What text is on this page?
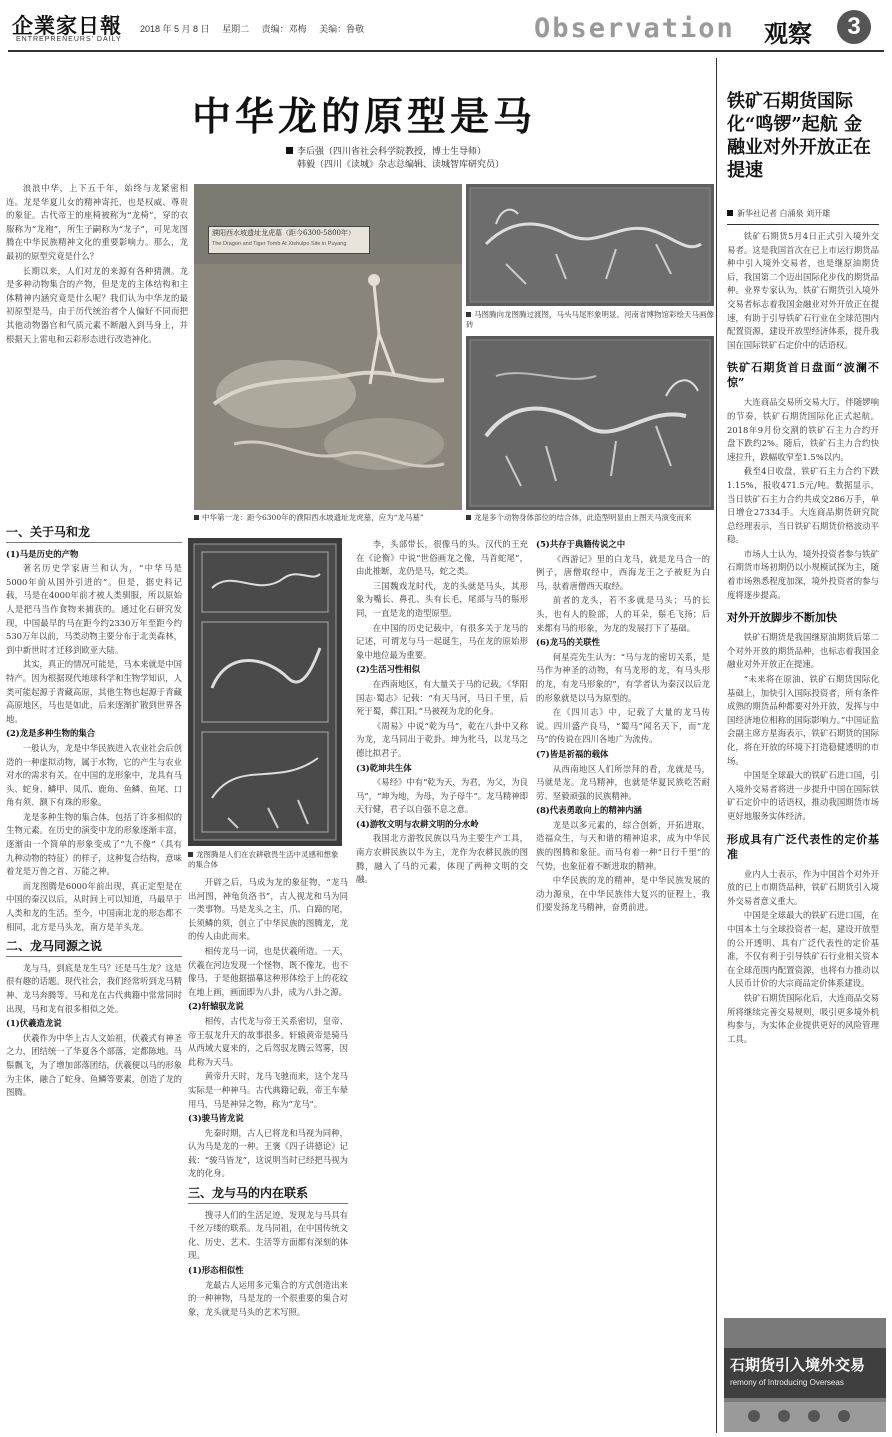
企業家日報
ENTREPRENEURS' DAILY
2018 年 5 月 8 日 星期二 责编：邓梅 美编：鲁敬	Observation 观察	3
中华龙的原型是马
李后强（四川省社会科学院教授，博士生导师）
韩毅（四川《读城》杂志总编辑、读城智库研究员）

浪浪中华，上下五千年，始终与龙紧密相连。龙是华夏儿女的精神寄托，也是权威、尊贵的象征。古代帝王的座椅被称为“龙椅”，穿的衣服称为“龙袍”，所生子嗣称为“龙子”，可见龙图腾在中华民族精神文化的重要影响力。那么，龙最初的原型究竟是什么？

长期以来，人们对龙的来源有各种猜测。龙是多种动物集合的产物，但是龙的主体结构和主体精神内涵究竟是什么呢？我们认为中华龙的最初原型是马，由于历代统治者个人偏好不同而把其他动物器官和气质元素不断融入到马身上，并根据天上雷电和云彩形态进行改造神化。

濮阳西水坡遗址龙虎墓（距今6300-5800年）
The Dragon and Tiger Tomb At Xishuipo Site in Puyang
中华第一龙：距今6300年的濮阳西水坡遗址龙虎墓，应为“龙马墓”
马图腾向龙图腾过渡图，马头马尾形象明显。河南省博物馆彩绘天马画像砖
龙是多个动物身体部位的结合体，此造型明显由上图天马演变而来
一、关于马和龙

(1)马是历史的产物

著名历史学家唐兰和认为，“中华马是5000年前从国外引进的”。但是，据史料记载，马是在4000年前才被人类驯服，所以原始人是把马当作食物来捕获的。通过化石研究发现，中国最早的马在距今约2330万年至距今约530万年以前，马类动物主要分布于北美森林，到中新世时才迁移到欧亚大陆。

其实，真正的情况可能是，马本来就是中国特产。因为根据现代地球科学和生物学知识，人类可能起源于青藏高原，其他生物也起源于青藏高原地区，马也是如此，后来逐渐扩散到世界各地。

(2)龙是多种生物的集合

一般认为，龙是中华民族进入农业社会后创造的一种虚拟动物，属于水物，它的产生与农业对水的需求有关。在中国的龙形象中，龙具有马头、蛇身、鳞甲、凤爪、鹿角、鱼鳞、鱼尾、口角有须、额下有珠的形象。

龙是多种生物的集合体，包括了许多相似的生物元素。在历史的演变中龙的形象逐渐丰富，逐渐由一个简单的形象变成了“九不像”（具有九种动物的特征）的样子，这种复合结构，意味着龙是万兽之首、万能之神。

而龙图腾是6000年前出现，真正定型是在中国的秦汉以后，从时间上可以知道，马最早于人类和龙的生活。至今，中国南北龙的形态都不相同，北方是马头龙，南方是羊头龙。

二、龙马同源之说

龙与马，到底是龙生马？还是马生龙？这是很有趣的话题。现代社会，我们经常听到龙马精神、龙马奔腾等。马和龙在古代典籍中常常同时出现，马和龙有很多相似之处。

(1)伏羲造龙说

伏羲作为中华上古人文始祖，伏羲式有神圣之力，团结统一了华夏各个部落，定都陈地。马鬃飘飞，为了增加部落团结，伏羲便以马的形象为主体，融合了蛇身、鱼鳞等要素，创造了龙的图腾。

龙图腾是人们在农耕敬畏生活中灵感和想象的集合体

开辟之后，马成为龙的象征物，“龙马出河图，神龟负洛书”，古人视龙和马为同一类事物。马是龙头之主，爪、白蹄的尾，长须鳞的须，创立了中华民族的图腾龙，龙的传人由此而来。

相传龙马一词，也是伏羲所造。一天，伏羲在河边发现一个怪物，既不像龙，也不像马，于是他据描摹这种形体绘于上的花纹在地上画，画面即为八卦，成为八卦之源。

(2)轩辕驭龙说

相传，古代龙与帝王关系密切，皇帝、帝王驭龙升天的故事很多。轩辕黄帝是骑马从西域大夏来的，之后驾驭龙腾云驾雾，因此称为天马。

黄帝升天时，龙马飞驰而来，这个龙马实际是一种神马。古代典籍记载，帝王车辇用马，马是神异之物，称为“龙马”。

(3)骏马皆龙说

先秦时期，古人已将龙和马视为同种，认为马是龙的一种。王褒《四子讲德论》记载：“骏马皆龙”，这说明当时已经把马视为龙的化身。

三、龙与马的内在联系

搜寻人们的生活足迹，发现龙与马具有千丝万缕的联系。龙马同祖，在中国传统文化、历史、艺术、生活等方面都有深刻的体现。

(1)形态相似性

龙最古人运用多元集合的方式创造出来的一种神物，马是龙的一个很重要的集合对象，龙头就是马头的艺术写照。

李，头部带长，很像马的头。汉代的王充在《论衡》中说“世俗画龙之像，马首蛇尾”，由此推断，龙仍是马，蛇之类。

三国魏戏龙时代，龙的头就是马头，其形象为嘴长、鼻孔、头有长毛，尾部与马的鬃形同，一直是龙的造型原型。

在中国的历史记载中，有很多关于龙马的记述，可谓龙与马一起诞生，马在龙的原始形象中地位最为重要。

(2)生活习性相似

在西南地区，有大量关于马的记载。《华阳国志·蜀志》记载：“有天马河，马日千里，后死于蜀，葬江阳。”马被视为龙的化身。

《周易》中说“乾为马”，乾在八卦中又称为龙，龙马同出于乾卦。坤为牝马，以龙马之德比拟君子。

(3)乾坤共生体

《易经》中有“乾为天，为君，为父，为良马”，“坤为地，为母，为子母牛”。龙马精神即天行健，君子以自强不息之意。

(4)游牧文明与农耕文明的分水岭

我国北方游牧民族以马为主要生产工具，南方农耕民族以牛为主，龙作为农耕民族的图腾，融入了马的元素，体现了两种文明的交融。

(5)共存于典籍传说之中

《西游记》里的白龙马，就是龙马合一的例子，唐僧取经中，西海龙王之子被贬为白马，驮着唐僧西天取经。

前者的龙头，若不多就是马头；马的长头，也有人的脸部，人的耳朵，鬃毛飞扬；后来都有马的形象，为龙的发展打下了基础。

(6)龙马的关联性

何星亮先生认为：“马与龙的密切关系，是马作为神圣的动物，有马龙形的龙，有马头形的龙，有龙马形象的”，有学者认为秦汉以后龙的形象就是以马为原型的。

在《四川志》中，记载了大量的龙马传说。四川盛产良马，“蜀马”闻名天下，而“龙马”的传说在四川各地广为流传。

(7)皆是祈福的载体

从西南地区人们所崇拜的看，龙就是马，马就是龙。龙马精神，也就是华夏民族吃苦耐劳、坚毅顽强的民族精神。

(8)代表勇敢向上的精神内涵

龙是以多元素的，综合创新，开拓进取，造福众生，与天和谐的精神追求，成为中华民族的图腾和象征。而马有着一种“日行千里”的气势，也象征着不断进取的精神。

中华民族的龙的精神，是中华民族发展的动力源泉，在中华民族伟大复兴的征程上，我们要发扬龙马精神，奋勇前进。

铁矿石期货国际化“鸣锣”起航 金融业对外开放正在提速
新华社记者 白涌泉 刘开雄

铁矿石期货5月4日正式引入境外交易者。这是我国首次在已上市运行期货品种中引入境外交易者，也是继原油期货后，我国第二个迈出国际化步伐的期货品种。业界专家认为，铁矿石期货引入境外交易者标志着我国金融业对外开放正在提速，有助于引导铁矿石行业在全球范围内配置资源，建设开放型经济体系，提升我国在国际铁矿石定价中的话语权。

铁矿石期货首日盘面“波澜不惊”

大连商品交易所交易大厅，伴随锣响的节奏，铁矿石期货国际化正式起航。2018年9月份交割的铁矿石主力合约开盘下跌约2%。随后，铁矿石主力合约快速拉升，跌幅收窄至1.5%以内。

截至4日收盘，铁矿石主力合约下跌1.15%，报收471.5元/吨。数据显示，当日铁矿石主力合约共成交286万手，单日增仓27334手。大连商品期货研究院总经理表示，当日铁矿石期货价格波动平稳。

市场人士认为，境外投资者参与铁矿石期货市场初期仍以小规模试探为主，随着市场熟悉程度加深，境外投资者的参与度将逐步提高。

对外开放脚步不断加快

铁矿石期货是我国继原油期货后第二个对外开放的期货品种，也标志着我国金融业对外开放正在提速。

“未来将在原油、铁矿石期货国际化基础上，加快引入国际投资者，所有条件成熟的期货品种都要对外开放，发挥与中国经济地位相称的国际影响力。”中国证监会副主席方星海表示，铁矿石期货的国际化，将在开放的环境下打造稳健透明的市场。

中国是全球最大的铁矿石进口国，引入境外交易者将进一步提升中国在国际铁矿石定价中的话语权，推动我国期货市场更好地服务实体经济。

形成具有广泛代表性的定价基准

业内人士表示，作为中国首个对外开放的已上市期货品种，铁矿石期货引入境外交易者意义重大。

中国是全球最大的铁矿石进口国，在中国本土与全球投资者一起，建设开放型的公开透明、具有广泛代表性的定价基准，不仅有利于引导铁矿石行业相关资本在全球范围内配置资源，也将有力推动以人民币计价的大宗商品定价体系建设。

铁矿石期货国际化后，大连商品交易所将继续完善交易规则，吸引更多境外机构参与，为实体企业提供更好的风险管理工具。

石期货引入境外交易
remony of Introducing Overseas
